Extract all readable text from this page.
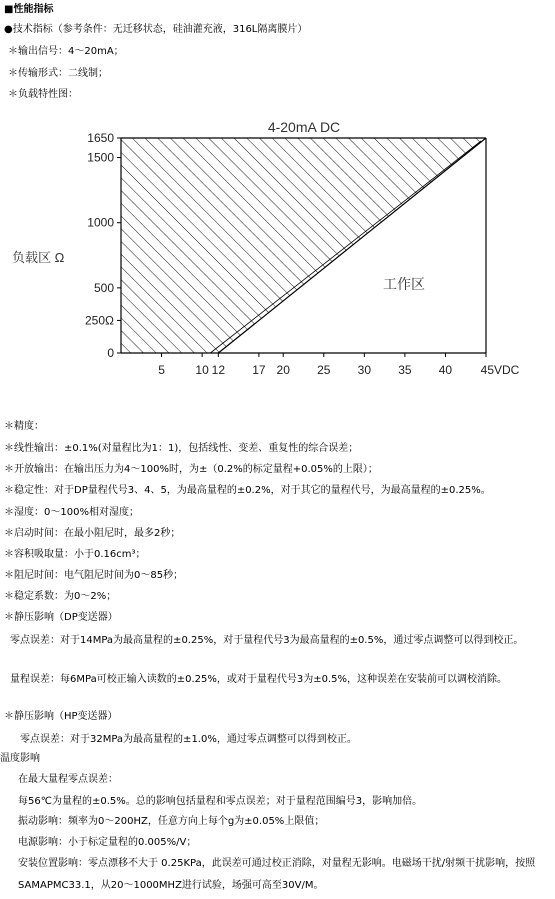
■性能指标
●技术指标（参考条件：无迁移状态，硅油灌充液，316L隔离膜片）
＊输出信号：4～20mA；
＊传输形式：二线制；
＊负载特性图：
5	10 12 17 20 25 30 35 40 45VDC
0
250Ω
500
1000
1500
1650
4-20mA DC
负载区 Ω
工作区
＊精度：
＊线性输出：±0.1%(对量程比为1：1)，包括线性、变差、重复性的综合误差；
＊开放输出：在输出压力为4～100%时，为±（0.2%的标定量程+0.05%的上限）；
＊稳定性：对于DP量程代号3、4、5，为最高量程的±0.2%，对于其它的量程代号，为最高量程的±0.25%。
＊湿度：0～100%相对湿度；
＊启动时间：在最小阻尼时，最多2秒；
＊容积吸取量：小于0.16cm³；
＊阻尼时间：电气阻尼时间为0～85秒；
＊稳定系数：为0～2%；
＊静压影响（DP变送器）
零点误差：对于14MPa为最高量程的±0.25%，对于量程代号3为最高量程的±0.5%，通过零点调整可以得到校正。
量程误差：每6MPa可校正输入读数的±0.25%，或对于量程代号3为±0.5%，这种误差在安装前可以调校消除。
＊静压影响（HP变送器）
零点误差：对于32MPa为最高量程的±1.0%，通过零点调整可以得到校正。
温度影响
在最大量程零点误差：
每56℃为量程的±0.5%。总的影响包括量程和零点误差；对于量程范围编号3，影响加倍。
振动影响：频率为0～200HZ，任意方向上每个g为±0.05%上限值；
电源影响：小于标定量程的0.005%/V；
安装位置影响：零点漂移不大于 0.25KPa，此误差可通过校正消除，对量程无影响。电磁场干扰/射频干扰影响，按照SAMAPMC33.1，从20～1000MHZ进行试验，场强可高至30V/M。
